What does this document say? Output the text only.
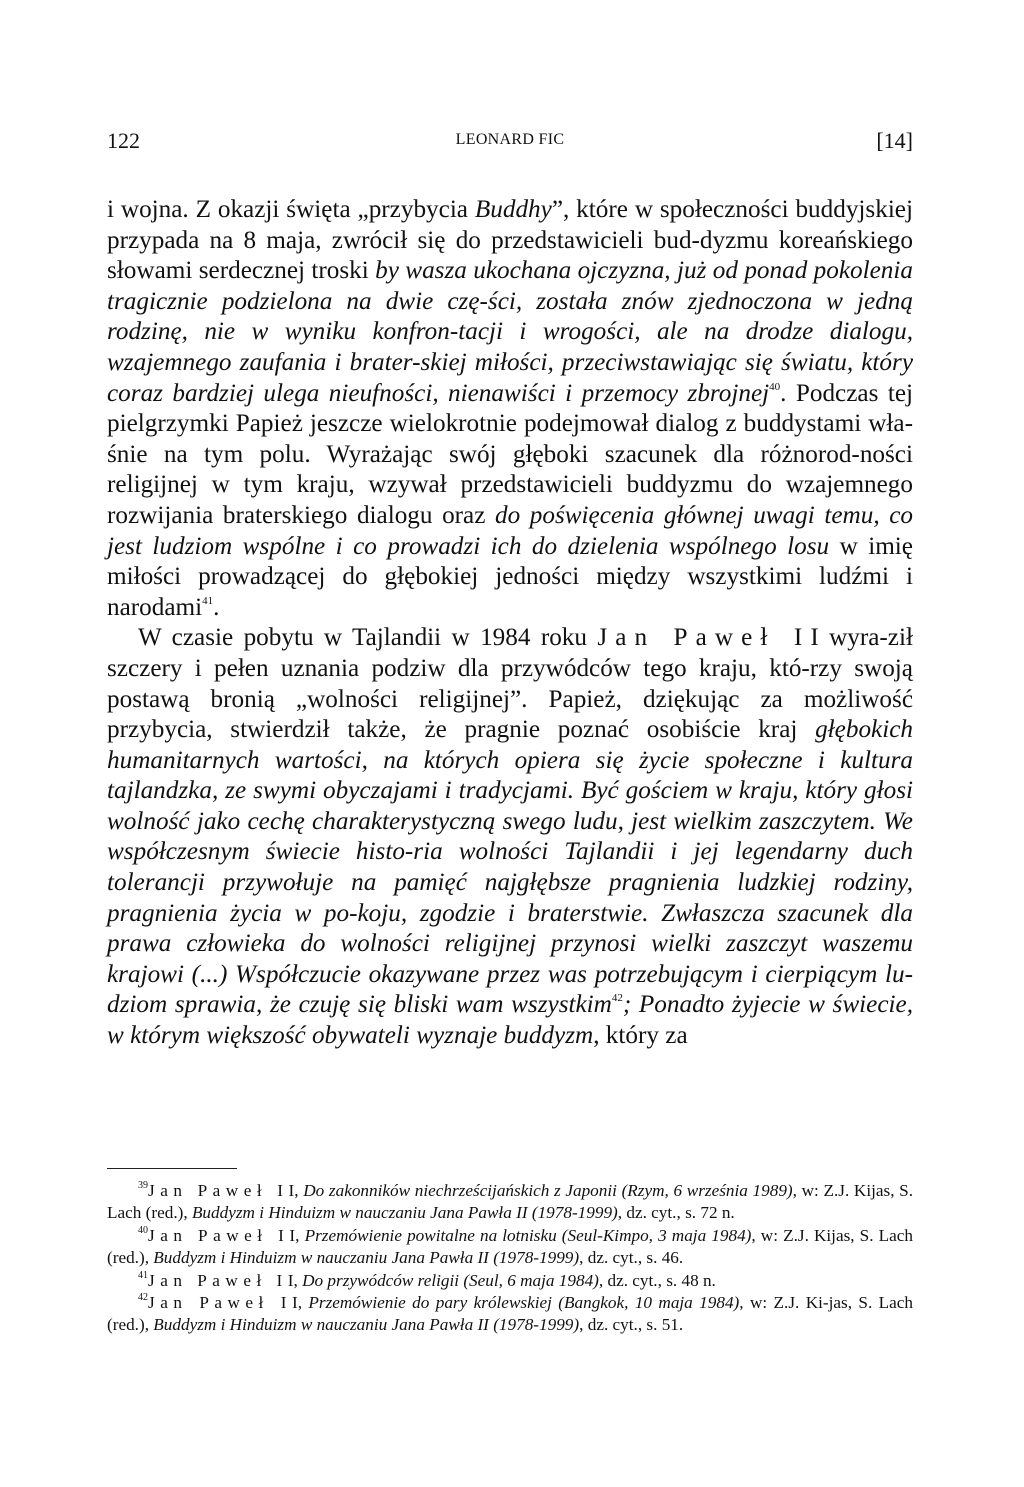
122	LEONARD FIC	[14]

i wojna. Z okazji święta „przybycia Buddhy”, które w społeczności buddyjskiej przypada na 8 maja, zwrócił się do przedstawicieli bud-dyzmu koreańskiego słowami serdecznej troski by wasza ukochana ojczyzna, już od ponad pokolenia tragicznie podzielona na dwie czę-ści, została znów zjednoczona w jedną rodzinę, nie w wyniku konfron-tacji i wrogości, ale na drodze dialogu, wzajemnego zaufania i brater-skiej miłości, przeciwstawiając się światu, który coraz bardziej ulega nieufności, nienawiści i przemocy zbrojnej$^{40}$. Podczas tej pielgrzymki Papież jeszcze wielokrotnie podejmował dialog z buddystami wła-śnie na tym polu. Wyrażając swój głęboki szacunek dla różnorod-ności religijnej w tym kraju, wzywał przedstawicieli buddyzmu do wzajemnego rozwijania braterskiego dialogu oraz do poświęcenia głównej uwagi temu, co jest ludziom wspólne i co prowadzi ich do dzielenia wspólnego losu w imię miłości prowadzącej do głębokiej jedności między wszystkimi ludźmi i narodami$^{41}$.

W czasie pobytu w Tajlandii w 1984 roku Jan Paweł II wyra-ził szczery i pełen uznania podziw dla przywódców tego kraju, któ-rzy swoją postawą bronią „wolności religijnej”. Papież, dziękując za możliwość przybycia, stwierdził także, że pragnie poznać osobiście kraj głębokich humanitarnych wartości, na których opiera się życie społeczne i kultura tajlandzka, ze swymi obyczajami i tradycjami. Być gościem w kraju, który głosi wolność jako cechę charakterystyczną swego ludu, jest wielkim zaszczytem. We współczesnym świecie histo-ria wolności Tajlandii i jej legendarny duch tolerancji przywołuje na pamięć najgłębsze pragnienia ludzkiej rodziny, pragnienia życia w po-koju, zgodzie i braterstwie. Zwłaszcza szacunek dla prawa człowieka do wolności religijnej przynosi wielki zaszczyt waszemu krajowi (...) Współczucie okazywane przez was potrzebującym i cierpiącym lu-dziom sprawia, że czuję się bliski wam wszystkim$^{42}$; Ponadto żyjecie w świecie, w którym większość obywateli wyznaje buddyzm, który za

$^{39}$Jan Paweł II, Do zakonników niechrześcijańskich z Japonii (Rzym, 6 września 1989), w: Z.J. Kijas, S. Lach (red.), Buddyzm i Hinduizm w nauczaniu Jana Pawła II (1978-1999), dz. cyt., s. 72 n.

$^{40}$Jan Paweł II, Przemówienie powitalne na lotnisku (Seul-Kimpo, 3 maja 1984), w: Z.J. Kijas, S. Lach (red.), Buddyzm i Hinduizm w nauczaniu Jana Pawła II (1978-1999), dz. cyt., s. 46.

$^{41}$Jan Paweł II, Do przywódców religii (Seul, 6 maja 1984), dz. cyt., s. 48 n.

$^{42}$Jan Paweł II, Przemówienie do pary królewskiej (Bangkok, 10 maja 1984), w: Z.J. Ki-jas, S. Lach (red.), Buddyzm i Hinduizm w nauczaniu Jana Pawła II (1978-1999), dz. cyt., s. 51.
